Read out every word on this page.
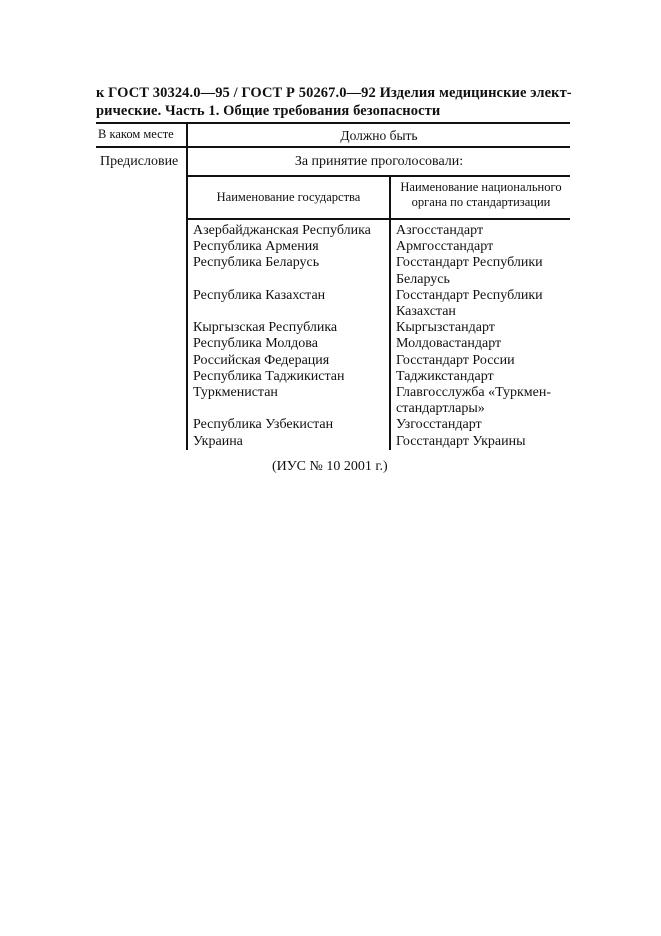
к ГОСТ 30324.0—95 / ГОСТ Р 50267.0—92 Изделия медицинские элект-
рические. Часть 1. Общие требования безопасности
В каком месте	Должно быть
Предисловие	За принятие проголосовали:
Наименование государства
Наименование национального
органа по стандартизации
Азербайджанская Республика
Республика Армения
Республика Беларусь
Республика Казахстан
Кыргызская Республика
Республика Молдова
Российская Федерация
Республика Таджикистан
Туркменистан
Республика Узбекистан
Украина
Азгосстандарт
Армгосстандарт
Госстандарт Республики
Беларусь
Госстандарт Республики
Казахстан
Кыргызстандарт
Молдовастандарт
Госстандарт России
Таджикстандарт
Главгосслужба «Туркмен-
стандартлары»
Узгосстандарт
Госстандарт Украины
(ИУС № 10 2001 г.)
